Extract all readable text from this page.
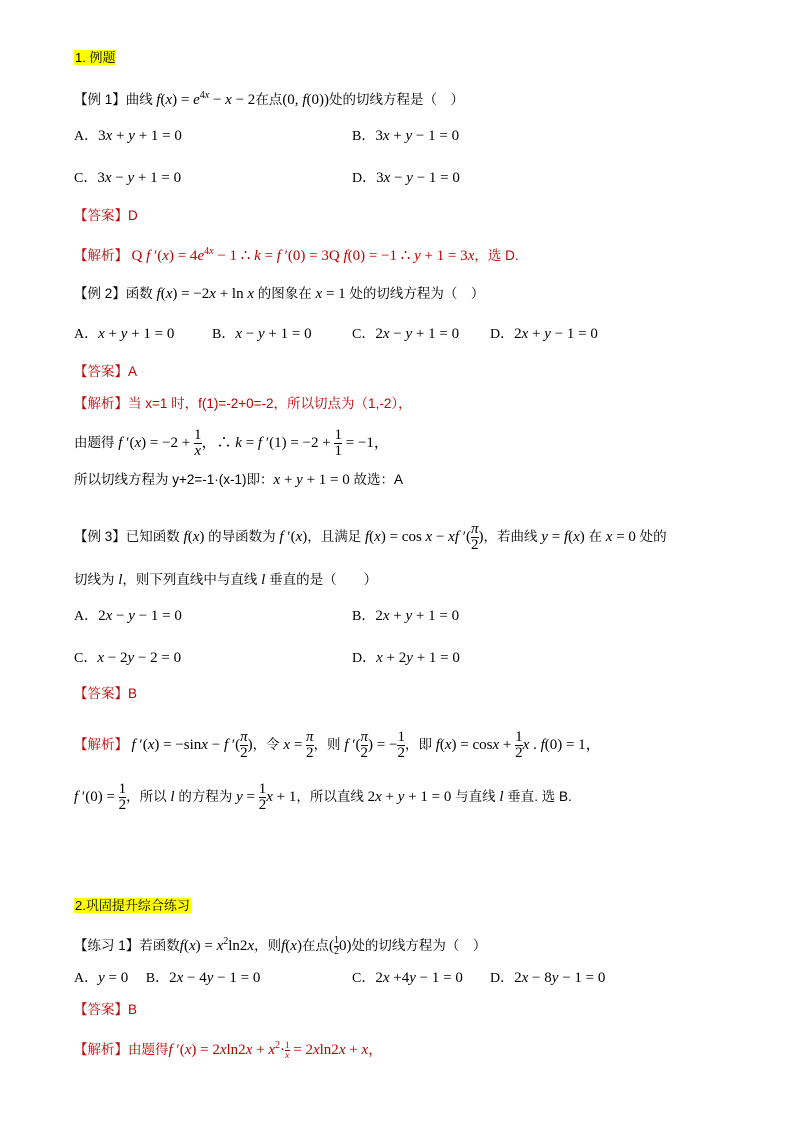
1. 例题
【例 1】曲线 $f(x) = e^{4x} - x - 2$在点(0, f(0))处的切线方程是（　）
A．3x + y + 1 = 0	B．3x + y − 1 = 0
C．3x − y + 1 = 0	D．3x − y − 1 = 0
【答案】D
【解析】 Q f $'(x) = 4e^{4x} - 1$ ∴ k = f ′(0) = 3Q f(0) = −1 ∴ y + 1 = 3x，选 D.
【例 2】函数 f(x) = −2x + ln x 的图象在 x = 1 处的切线方程为（　）
A．x + y + 1 = 0	B．x − y + 1 = 0	C．2x − y + 1 = 0 D．2x + y − 1 = 0
【答案】A
【解析】当 x=1 时，f(1)=-2+0=-2，所以切点为（1,-2），
由题得 f $'(x) = -2 + \frac{1}{x}$ ，∴ k = f $'(1) = -2 + \frac{1}{1} = -1$，
所以切线方程为 y+2=-1·(x-1)即：x + y + 1 = 0 故选：A
【例 3】已知函数 f(x) 的导函数为 f ′(x)，且满足 f(x) = cos x − xf ′( $\frac{\pi}{2}$ )，若曲线 y = f(x) 在 x = 0 处的
切线为 l，则下列直线中与直线 l 垂直的是（　　）
A．2x − y − 1 = 0	B．2x + y + 1 = 0
C．x − 2y − 2 = 0	D．x + 2y + 1 = 0
【答案】B
【解析】 f ′(x) = −sinx − f ′( $\frac{\pi}{2}$ )，令 $x = \frac{\pi}{2}$ ，则 f ′( $\frac{\pi}{2}$ ) = − $\frac{1}{2}$ ，即 $f(x) = \cos x + \frac{1}{2}$ x . f(0) = 1，
f $'(0) = \frac{1}{2}$ ，所以 l 的方程为 $y = \frac{1}{2}$ x + 1，所以直线 2x + y + 1 = 0 与直线 l 垂直. 选 B.
2.巩固提升综合练习
【练习 1】若函数$f(x) = x^2\ln 2x$，则f(x)在点( $\frac{1}{2} 0$)处的切线方程为（　）
A．y = 0 B．2x − 4y − 1 = 0	C．2x +4y − 1 = 0 D．2x − 8y − 1 = 0
【答案】B
【解析】由题得f $'(x) = 2xln2x + x^2\cdot \frac{1}{x} = 2xln2x + x$，
